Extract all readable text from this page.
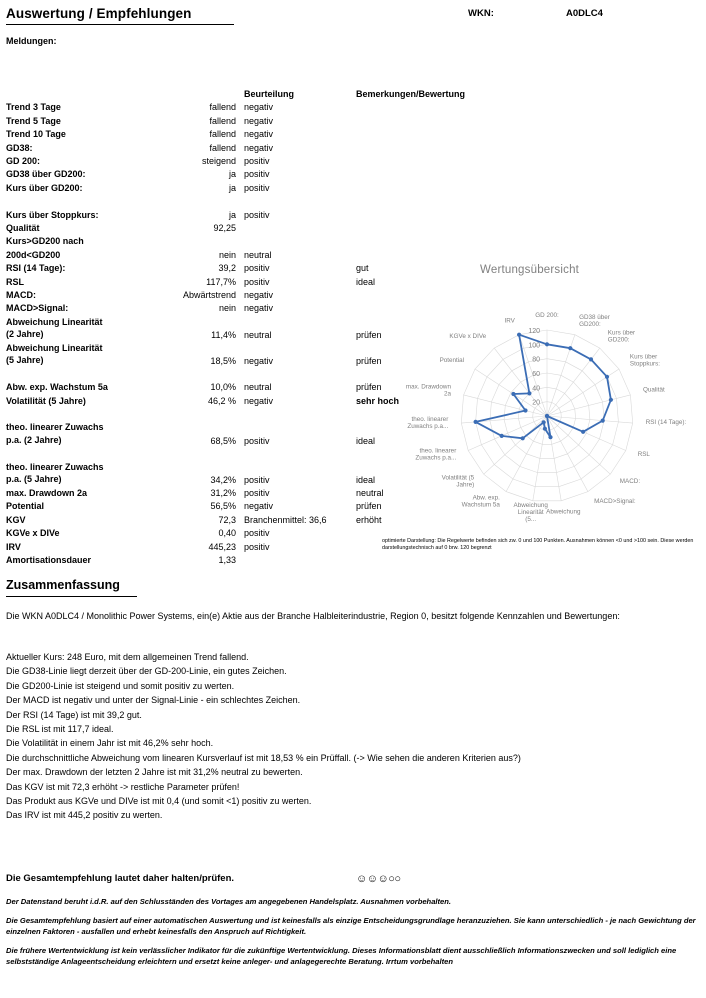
Auswertung / Empfehlungen	WKN:	A0DLC4
Meldungen:
		Beurteilung	Bemerkungen/Bewertung
Trend 3 Tage	fallend	negativ	
Trend 5 Tage	fallend	negativ	
Trend 10 Tage	fallend	negativ	
GD38:	fallend	negativ	
GD 200:	steigend	positiv	
GD38 über GD200:	ja	positiv	
Kurs über GD200:	ja	positiv	

Kurs über Stoppkurs:	ja	positiv	
Qualität	92,25		
Kurs>GD200 nach			
200d<GD200	nein	neutral	
RSI (14 Tage):	39,2	positiv	gut
RSL	117,7%	positiv	ideal
MACD:	Abwärtstrend	negativ	
MACD>Signal:	nein	negativ	
Abweichung Linearität
(2 Jahre)	11,4%	neutral	prüfen
Abweichung Linearität
(5 Jahre)	18,5%	negativ	prüfen

Abw. exp. Wachstum 5a	10,0%	neutral	prüfen
Volatilität (5 Jahre)	46,2 %	negativ	sehr hoch

theo. linearer Zuwachs
p.a. (2 Jahre)	68,5%	positiv	ideal

theo. linearer Zuwachs
p.a. (5 Jahre)	34,2%	positiv	ideal
max. Drawdown 2a	31,2%	positiv	neutral
Potential	56,5%	negativ	prüfen
KGV	72,3	Branchenmittel: 36,6	erhöht
KGVe x DIVe	0,40	positiv	
IRV	445,23	positiv	
Amortisationsdauer	1,33		
Wertungsübersicht
20
40
60
80
100
120
GD 200:	GD38 über GD200:
Kurs über GD200:
Kurs über Stoppkurs:
Qualität
RSI (14 Tage):
RSL
MACD:
MACD>Signal:
Abweichung
Abweichung Linearität (5...
Abw. exp. Wachstum 5a
Volatilität (5 Jahre)
theo. linearer Zuwachs p.a...
theo. linearer Zuwachs p.a...
max. Drawdown 2a
Potential
KGVe x DIVe
IRV
optimierte Darstellung: Die Regelwerte befinden sich zw. 0 und 100 Punkten. Ausnahmen können <0 und >100 sein. Diese werden darstellungstechnisch auf 0 brw. 120 begrenzt
Zusammenfassung
Die WKN A0DLC4 / Monolithic Power Systems, ein(e) Aktie aus der Branche Halbleiterindustrie, Region 0, besitzt folgende Kennzahlen und Bewertungen:
Aktueller Kurs: 248 Euro, mit dem allgemeinen Trend fallend.
Die GD38-Linie liegt derzeit über der GD-200-Linie, ein gutes Zeichen.
Die GD200-Linie ist steigend und somit positiv zu werten.
Der MACD ist negativ und unter der Signal-Linie - ein schlechtes Zeichen.
Der RSI (14 Tage) ist mit 39,2 gut.
Die RSL ist mit 117,7 ideal.
Die Volatilität in einem Jahr ist mit 46,2% sehr hoch.
Die durchschnittliche Abweichung vom linearen Kursverlauf ist mit 18,53 % ein Prüffall. (-> Wie sehen die anderen Kriterien aus?)
Der max. Drawdown der letzten 2 Jahre ist mit 31,2% neutral zu bewerten.
Das KGV ist mit 72,3 erhöht -> restliche Parameter prüfen!
Das Produkt aus KGVe und DIVe ist mit 0,4 (und somit <1) positiv zu werten.
Das IRV ist mit 445,2 positiv zu werten.
Die Gesamtempfehlung lautet daher halten/prüfen.	☺☺☺○○
Der Datenstand beruht i.d.R. auf den Schlusständen des Vortages am angegebenen Handelsplatz. Ausnahmen vorbehalten.
Die Gesamtempfehlung basiert auf einer automatischen Auswertung und ist keinesfalls als einzige Entscheidungsgrundlage heranzuziehen. Sie kann unterschiedlich - je nach Gewichtung der einzelnen Faktoren - ausfallen und erhebt keinesfalls den Anspruch auf Richtigkeit.
Die frühere Wertentwicklung ist kein verlässlicher Indikator für die zukünftige Wertentwicklung. Dieses Informationsblatt dient ausschließlich Informationszwecken und soll lediglich eine selbstständige Anlageentscheidung erleichtern und ersetzt keine anleger- und anlagegerechte Beratung. Irrtum vorbehalten
